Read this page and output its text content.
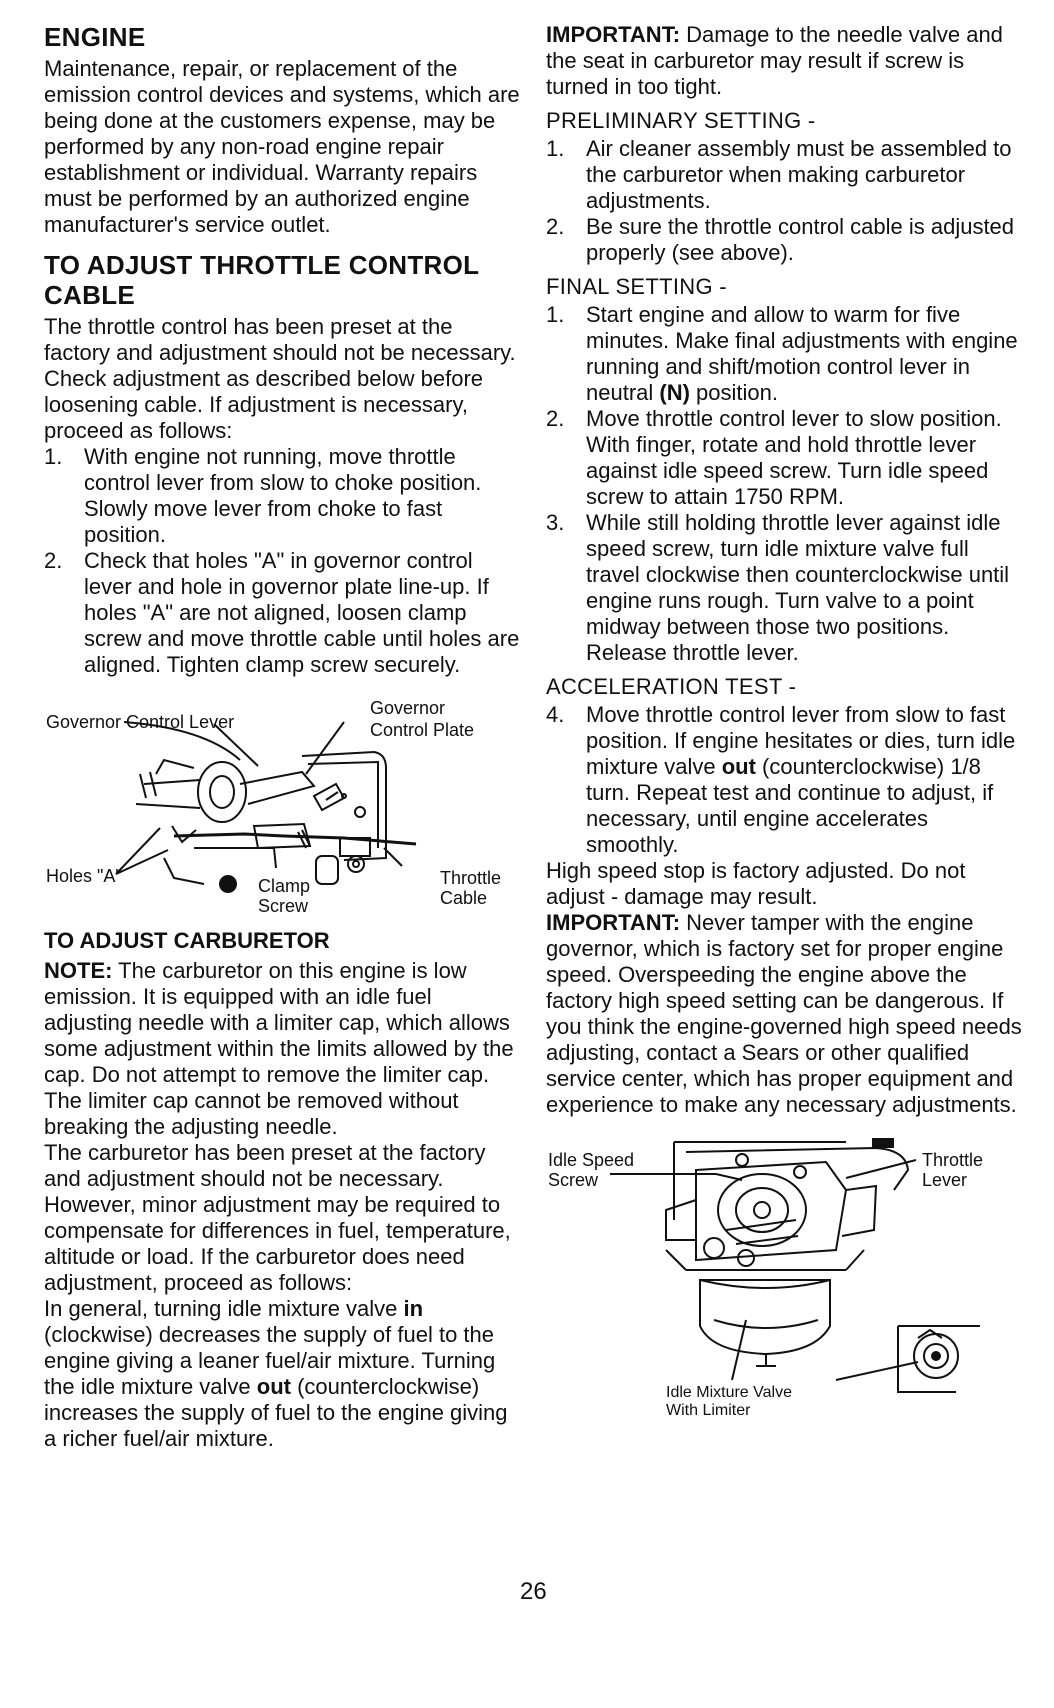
ENGINE

Maintenance, repair, or replacement of the emission control devices and systems, which are being done at the customers expense, may be performed by any non-road engine repair establishment or individual. Warranty repairs must be performed by an authorized engine manufacturer's service outlet.

TO ADJUST THROTTLE CONTROL CABLE

The throttle control has been preset at the factory and adjustment should not be necessary. Check adjustment as described below before loosening cable. If adjustment is necessary, proceed as follows:

1. With engine not running, move throttle control lever from slow to choke position. Slowly move lever from choke to fast position.
2. Check that holes "A" in governor control lever and hole in governor plate line-up. If holes "A" are not aligned, loosen clamp screw and move throttle cable until holes are aligned. Tighten clamp screw securely.
Governor Control Lever
Governor
Control Plate
Holes "A"	Clamp
Screw
Throttle
Cable
TO ADJUST CARBURETOR

NOTE: The carburetor on this engine is low emission. It is equipped with an idle fuel adjusting needle with a limiter cap, which allows some adjustment within the limits allowed by the cap. Do not attempt to remove the limiter cap. The limiter cap cannot be removed without breaking the adjusting needle.

The carburetor has been preset at the factory and adjustment should not be necessary. However, minor adjustment may be required to compensate for differences in fuel, temperature, altitude or load. If the carburetor does need adjustment, proceed as follows:

In general, turning idle mixture valve in (clockwise) decreases the supply of fuel to the engine giving a leaner fuel/air mixture. Turning the idle mixture valve out (counterclockwise) increases the supply of fuel to the engine giving a richer fuel/air mixture.

IMPORTANT: Damage to the needle valve and the seat in carburetor may result if screw is turned in too tight.

PRELIMINARY SETTING -

1. Air cleaner assembly must be assembled to the carburetor when making carburetor adjustments.
2. Be sure the throttle control cable is adjusted properly (see above).

FINAL SETTING -

1. Start engine and allow to warm for five minutes. Make final adjustments with engine running and shift/motion control lever in neutral (N) position.
2. Move throttle control lever to slow position. With finger, rotate and hold throttle lever against idle speed screw. Turn idle speed screw to attain 1750 RPM.
3. While still holding throttle lever against idle speed screw, turn idle mixture valve full travel clockwise then counterclockwise until engine runs rough. Turn valve to a point midway between those two positions. Release throttle lever.

ACCELERATION TEST -

4. Move throttle control lever from slow to fast position. If engine hesitates or dies, turn idle mixture valve out (counterclockwise) 1/8 turn. Repeat test and continue to adjust, if necessary, until engine accelerates smoothly.

High speed stop is factory adjusted. Do not adjust - damage may result.

IMPORTANT: Never tamper with the engine governor, which is factory set for proper engine speed. Overspeeding the engine above the factory high speed setting can be dangerous. If you think the engine-governed high speed needs adjusting, contact a Sears or other qualified service center, which has proper equipment and experience to make any necessary adjustments.

Idle Speed
Screw
Throttle
Lever
Idle Mixture Valve
With Limiter
26
